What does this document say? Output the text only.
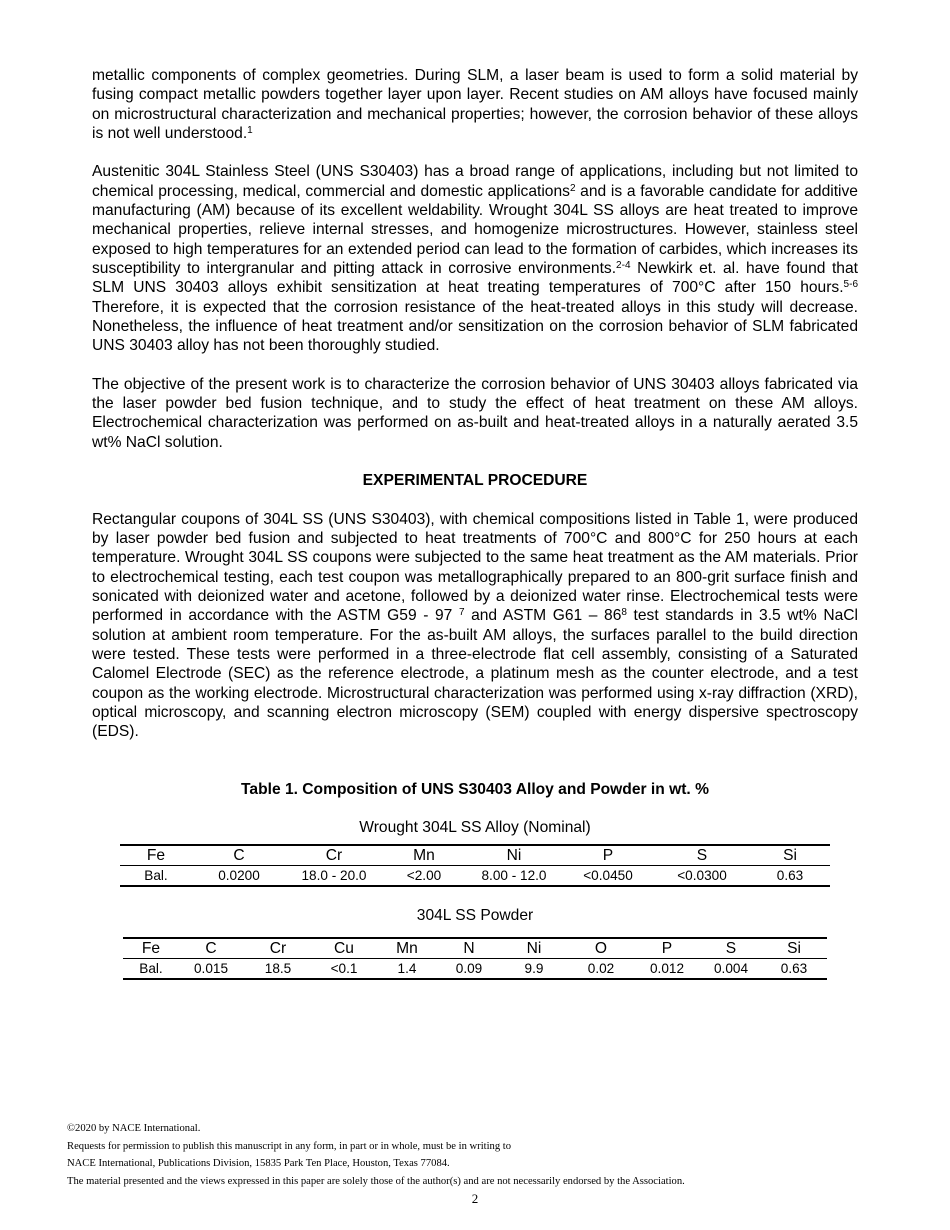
metallic components of complex geometries. During SLM, a laser beam is used to form a solid material by fusing compact metallic powders together layer upon layer. Recent studies on AM alloys have focused mainly on microstructural characterization and mechanical properties; however, the corrosion behavior of these alloys is not well understood.$^1$

Austenitic 304L Stainless Steel (UNS S30403) has a broad range of applications, including but not limited to chemical processing, medical, commercial and domestic applications$^2$ and is a favorable candidate for additive manufacturing (AM) because of its excellent weldability. Wrought 304L SS alloys are heat treated to improve mechanical properties, relieve internal stresses, and homogenize microstructures. However, stainless steel exposed to high temperatures for an extended period can lead to the formation of carbides, which increases its susceptibility to intergranular and pitting attack in corrosive environments.$^{2-4}$ Newkirk et. al. have found that SLM UNS 30403 alloys exhibit sensitization at heat treating temperatures of 700°C after 150 hours.$^{5-6}$ Therefore, it is expected that the corrosion resistance of the heat-treated alloys in this study will decrease. Nonetheless, the influence of heat treatment and/or sensitization on the corrosion behavior of SLM fabricated UNS 30403 alloy has not been thoroughly studied.

The objective of the present work is to characterize the corrosion behavior of UNS 30403 alloys fabricated via the laser powder bed fusion technique, and to study the effect of heat treatment on these AM alloys. Electrochemical characterization was performed on as-built and heat-treated alloys in a naturally aerated 3.5 wt% NaCl solution.

EXPERIMENTAL PROCEDURE

Rectangular coupons of 304L SS (UNS S30403), with chemical compositions listed in Table 1, were produced by laser powder bed fusion and subjected to heat treatments of 700°C and 800°C for 250 hours at each temperature. Wrought 304L SS coupons were subjected to the same heat treatment as the AM materials. Prior to electrochemical testing, each test coupon was metallographically prepared to an 800-grit surface finish and sonicated with deionized water and acetone, followed by a deionized water rinse. Electrochemical tests were performed in accordance with the ASTM G59 - 97 $^7$ and ASTM $G61 - 86^8$ test standards in 3.5 wt% NaCl solution at ambient room temperature. For the as-built AM alloys, the surfaces parallel to the build direction were tested. These tests were performed in a three-electrode flat cell assembly, consisting of a Saturated Calomel Electrode (SEC) as the reference electrode, a platinum mesh as the counter electrode, and a test coupon as the working electrode. Microstructural characterization was performed using x-ray diffraction (XRD), optical microscopy, and scanning electron microscopy (SEM) coupled with energy dispersive spectroscopy (EDS).

Table 1. Composition of UNS S30403 Alloy and Powder in wt. %
Wrought 304L SS Alloy (Nominal)
Fe	C	Cr	Mn	Ni	P	S	Si
Bal.	0.0200	18.0 - 20.0	<2.00	8.00 - 12.0	<0.0450	<0.0300	0.63
304L SS Powder
Fe	C	Cr	Cu	Mn	N	Ni	O	P	S	Si
Bal.	0.015	18.5	<0.1	1.4	0.09	9.9	0.02	0.012	0.004	0.63
©2020 by NACE International.
Requests for permission to publish this manuscript in any form, in part or in whole, must be in writing to
NACE International, Publications Division, 15835 Park Ten Place, Houston, Texas 77084.
The material presented and the views expressed in this paper are solely those of the author(s) and are not necessarily endorsed by the Association.
2
